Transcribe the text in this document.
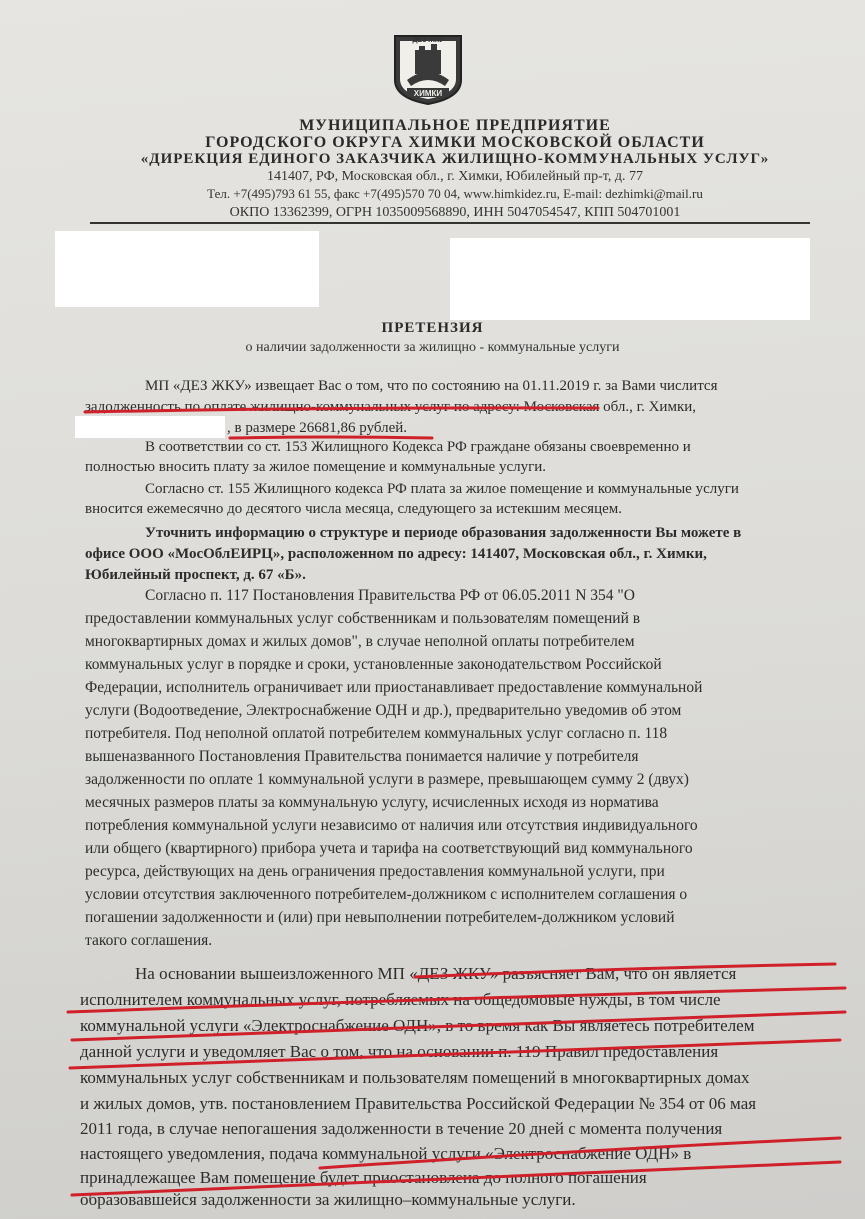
ДЕЗ ЖКУ
ХИМКИ
МУНИЦИПАЛЬНОЕ ПРЕДПРИЯТИЕ
ГОРОДСКОГО ОКРУГА ХИМКИ МОСКОВСКОЙ ОБЛАСТИ
«ДИРЕКЦИЯ ЕДИНОГО ЗАКАЗЧИКА ЖИЛИЩНО-КОММУНАЛЬНЫХ УСЛУГ»
141407, РФ, Московская обл., г. Химки, Юбилейный пр-т, д. 77
Тел. +7(495)793 61 55, факс +7(495)570 70 04, www.himkidez.ru, E-mail: dezhimki@mail.ru
ОКПО 13362399, ОГРН 1035009568890, ИНН 5047054547, КПП 504701001
ПРЕТЕНЗИЯ
о наличии задолженности за жилищно - коммунальные услуги
МП «ДЕЗ ЖКУ» извещает Вас о том, что по состоянию на 01.11.2019 г. за Вами числится
задолженность по оплате жилищно-коммунальных услуг по адресу: Московская обл., г. Химки,
, в размере 26681,86 рублей.
В соответствии со ст. 153 Жилищного Кодекса РФ граждане обязаны своевременно и
полностью вносить плату за жилое помещение и коммунальные услуги.
Согласно ст. 155 Жилищного кодекса РФ плата за жилое помещение и коммунальные услуги
вносится ежемесячно до десятого числа месяца, следующего за истекшим месяцем.
Уточнить информацию о структуре и периоде образования задолженности Вы можете в
офисе ООО «МосОблЕИРЦ», расположенном по адресу: 141407, Московская обл., г. Химки,
Юбилейный проспект, д. 67 «Б».
Согласно п. 117 Постановления Правительства РФ от 06.05.2011 N 354 "О
предоставлении коммунальных услуг собственникам и пользователям помещений в
многоквартирных домах и жилых домов", в случае неполной оплаты потребителем
коммунальных услуг в порядке и сроки, установленные законодательством Российской
Федерации, исполнитель ограничивает или приостанавливает предоставление коммунальной
услуги (Водоотведение, Электроснабжение ОДН и др.), предварительно уведомив об этом
потребителя. Под неполной оплатой потребителем коммунальных услуг согласно п. 118
вышеназванного Постановления Правительства понимается наличие у потребителя
задолженности по оплате 1 коммунальной услуги в размере, превышающем сумму 2 (двух)
месячных размеров платы за коммунальную услугу, исчисленных исходя из норматива
потребления коммунальной услуги независимо от наличия или отсутствия индивидуального
или общего (квартирного) прибора учета и тарифа на соответствующий вид коммунального
ресурса, действующих на день ограничения предоставления коммунальной услуги, при
условии отсутствия заключенного потребителем-должником с исполнителем соглашения о
погашении задолженности и (или) при невыполнении потребителем-должником условий
такого соглашения.
На основании вышеизложенного МП «ДЕЗ ЖКУ» разъясняет Вам, что он является
исполнителем коммунальных услуг, потребляемых на общедомовые нужды, в том числе
коммунальной услуги «Электроснабжение ОДН», в то время как Вы являетесь потребителем
данной услуги и уведомляет Вас о том, что на основании п. 119 Правил предоставления
коммунальных услуг собственникам и пользователям помещений в многоквартирных домах
и жилых домов, утв. постановлением Правительства Российской Федерации № 354 от 06 мая
2011 года, в случае непогашения задолженности в течение 20 дней с момента получения
настоящего уведомления, подача коммунальной услуги «Электроснабжение ОДН» в
принадлежащее Вам помещение будет приостановлена до полного погашения
образовавшейся задолженности за жилищно–коммунальные услуги.
